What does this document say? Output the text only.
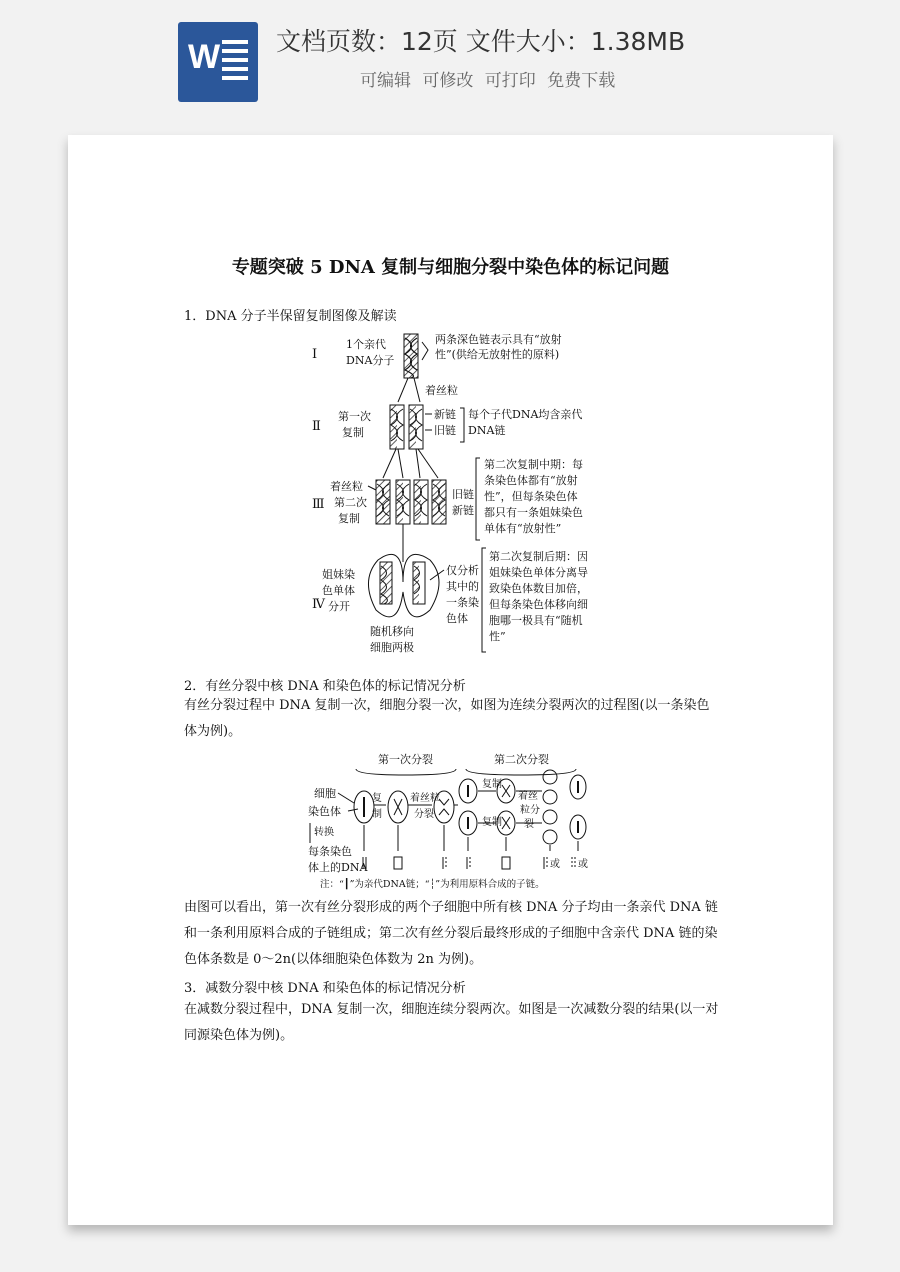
W 文档页数：12页 文件大小：1.38MB
可编辑 可修改 可打印 免费下载
专题突破 5 DNA 复制与细胞分裂中染色体的标记问题
1．DNA 分子半保留复制图像及解读
Ⅰ
Ⅱ
Ⅲ
Ⅳ
1个亲代
DNA分子
两条深色链表示具有“放射
性”(供给无放射性的原料)
着丝粒
第一次
复制
新链
旧链
每个子代DNA均含亲代
DNA链
着丝粒
第二次
复制
旧链
新链
第二次复制中期：每
条染色体都有“放射
性”，但每条染色体
都只有一条姐妹染色
单体有“放射性”
姐妹染
色单体
分开
随机移向
细胞两极
仅分析
其中的
一条染
色体
第二次复制后期：因
姐妹染色单体分离导
致染色体数目加倍，
但每条染色体移向细
胞哪一极具有“随机
性”
2．有丝分裂中核 DNA 和染色体的标记情况分析
有丝分裂过程中 DNA 复制一次，细胞分裂一次，如图为连续分裂两次的过程图(以一条染色体为例)。
第一次分裂	第二次分裂
细胞
染色体
转换
每条染色
体上的DNA
复
制
着丝粒
分裂
复制
复制
着丝
粒分
裂
或 或
注：“┃”为亲代DNA链；“┆”为利用原料合成的子链。
由图可以看出，第一次有丝分裂形成的两个子细胞中所有核 DNA 分子均由一条亲代 DNA 链和一条利用原料合成的子链组成；第二次有丝分裂后最终形成的子细胞中含亲代 DNA 链的染色体条数是 0～2n(以体细胞染色体数为 2n 为例)。
3．减数分裂中核 DNA 和染色体的标记情况分析
在减数分裂过程中，DNA 复制一次，细胞连续分裂两次。如图是一次减数分裂的结果(以一对同源染色体为例)。
